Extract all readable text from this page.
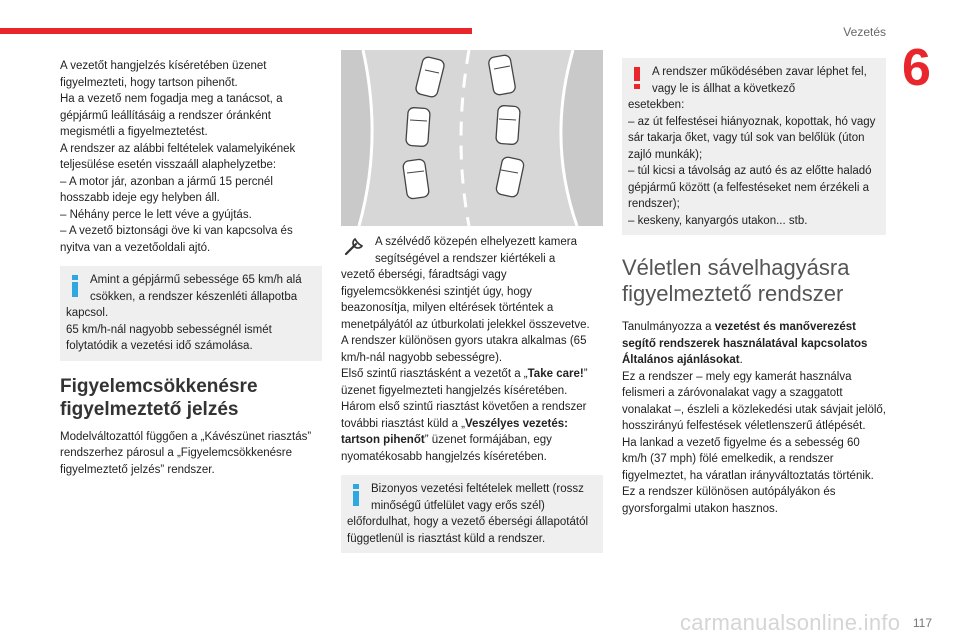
Vezetés
6

A vezetőt hangjelzés kíséretében üzenet figyelmezteti, hogy tartson pihenőt.

Ha a vezető nem fogadja meg a tanácsot, a gépjármű leállításáig a rendszer óránként megismétli a figyelmeztetést.

A rendszer az alábbi feltételek valamelyikének teljesülése esetén visszaáll alaphelyzetbe:

– A motor jár, azonban a jármű 15 percnél hosszabb ideje egy helyben áll.

– Néhány perce le lett véve a gyújtás.

– A vezető biztonsági öve ki van kapcsolva és nyitva van a vezetőoldali ajtó.

Amint a gépjármű sebessége 65 km/h alá csökken, a rendszer készenléti állapotba

kapcsol.

65 km/h-nál nagyobb sebességnél ismét folytatódik a vezetési idő számolása.

Figyelemcsökkenésre figyelmeztető jelzés

Modelváltozattól függően a „Kávészünet riasztás” rendszerhez párosul a „Figyelemcsökkenésre figyelmeztető jelzés” rendszer.

A szélvédő közepén elhelyezett kamera segítségével a rendszer kiértékeli a

vezető éberségi, fáradtsági vagy figyelemcsökkenési szintjét úgy, hogy beazonosítja, milyen eltérések történtek a menetpályától az útburkolati jelekkel összevetve.

A rendszer különösen gyors utakra alkalmas (65 km/h-nál nagyobb sebességre).

Első szintű riasztásként a vezetőt a „Take care!” üzenet figyelmezteti hangjelzés kíséretében.

Három első szintű riasztást követően a rendszer további riasztást küld a „Veszélyes vezetés: tartson pihenőt” üzenet formájában, egy nyomatékosabb hangjelzés kíséretében.

Bizonyos vezetési feltételek mellett (rossz minőségű útfelület vagy erős szél)

előfordulhat, hogy a vezető éberségi állapotától függetlenül is riasztást küld a rendszer.

A rendszer működésében zavar léphet fel, vagy le is állhat a következő

esetekben:

– az út felfestései hiányoznak, kopottak, hó vagy sár takarja őket, vagy túl sok van belőlük (úton zajló munkák);

– túl kicsi a távolság az autó és az előtte haladó gépjármű között (a felfestéseket nem érzékeli a rendszer);

– keskeny, kanyargós utakon... stb.

Véletlen sávelhagyásra figyelmeztető rendszer

Tanulmányozza a vezetést és manőverezést segítő rendszerek használatával kapcsolatos Általános ajánlásokat.

Ez a rendszer – mely egy kamerát használva felismeri a záróvonalakat vagy a szaggatott vonalakat –, észleli a közlekedési utak sávjait jelölő, hosszirányú felfestések véletlenszerű átlépését.

Ha lankad a vezető figyelme és a sebesség 60 km/h (37 mph) fölé emelkedik, a rendszer figyelmeztet, ha váratlan irányváltoztatás történik.

Ez a rendszer különösen autópályákon és gyorsforgalmi utakon hasznos.

carmanualsonline.info 117
